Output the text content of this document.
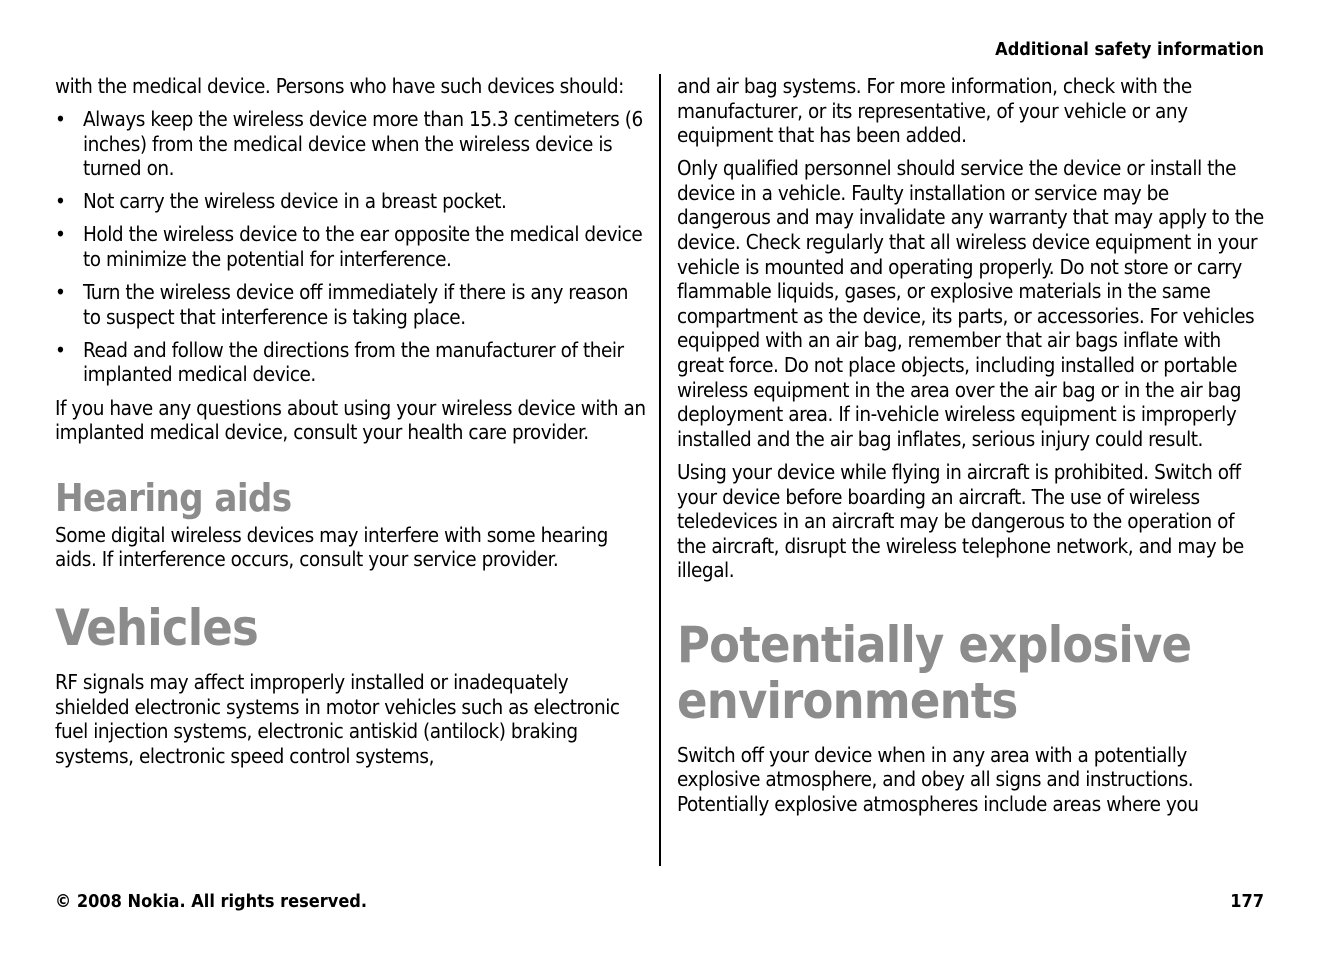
Additional safety information

with the medical device. Persons who have such devices should:

• Always keep the wireless device more than 15.3 centimeters (6 inches) from the medical device when the wireless device is turned on.
• Not carry the wireless device in a breast pocket.
• Hold the wireless device to the ear opposite the medical device to minimize the potential for interference.
• Turn the wireless device off immediately if there is any reason to suspect that interference is taking place.
• Read and follow the directions from the manufacturer of their implanted medical device.

If you have any questions about using your wireless device with an implanted medical device, consult your health care provider.

Hearing aids

Some digital wireless devices may interfere with some hearing aids. If interference occurs, consult your service provider.

Vehicles

RF signals may affect improperly installed or inadequately shielded electronic systems in motor vehicles such as electronic fuel injection systems, electronic antiskid (antilock) braking systems, electronic speed control systems,

and air bag systems. For more information, check with the manufacturer, or its representative, of your vehicle or any equipment that has been added.

Only qualified personnel should service the device or install the device in a vehicle. Faulty installation or service may be dangerous and may invalidate any warranty that may apply to the device. Check regularly that all wireless device equipment in your vehicle is mounted and operating properly. Do not store or carry flammable liquids, gases, or explosive materials in the same compartment as the device, its parts, or accessories. For vehicles equipped with an air bag, remember that air bags inflate with great force. Do not place objects, including installed or portable wireless equipment in the area over the air bag or in the air bag deployment area. If in-vehicle wireless equipment is improperly installed and the air bag inflates, serious injury could result.

Using your device while flying in aircraft is prohibited. Switch off your device before boarding an aircraft. The use of wireless teledevices in an aircraft may be dangerous to the operation of the aircraft, disrupt the wireless telephone network, and may be illegal.

Potentially explosive environments

Switch off your device when in any area with a potentially explosive atmosphere, and obey all signs and instructions. Potentially explosive atmospheres include areas where you

© 2008 Nokia. All rights reserved.	177
